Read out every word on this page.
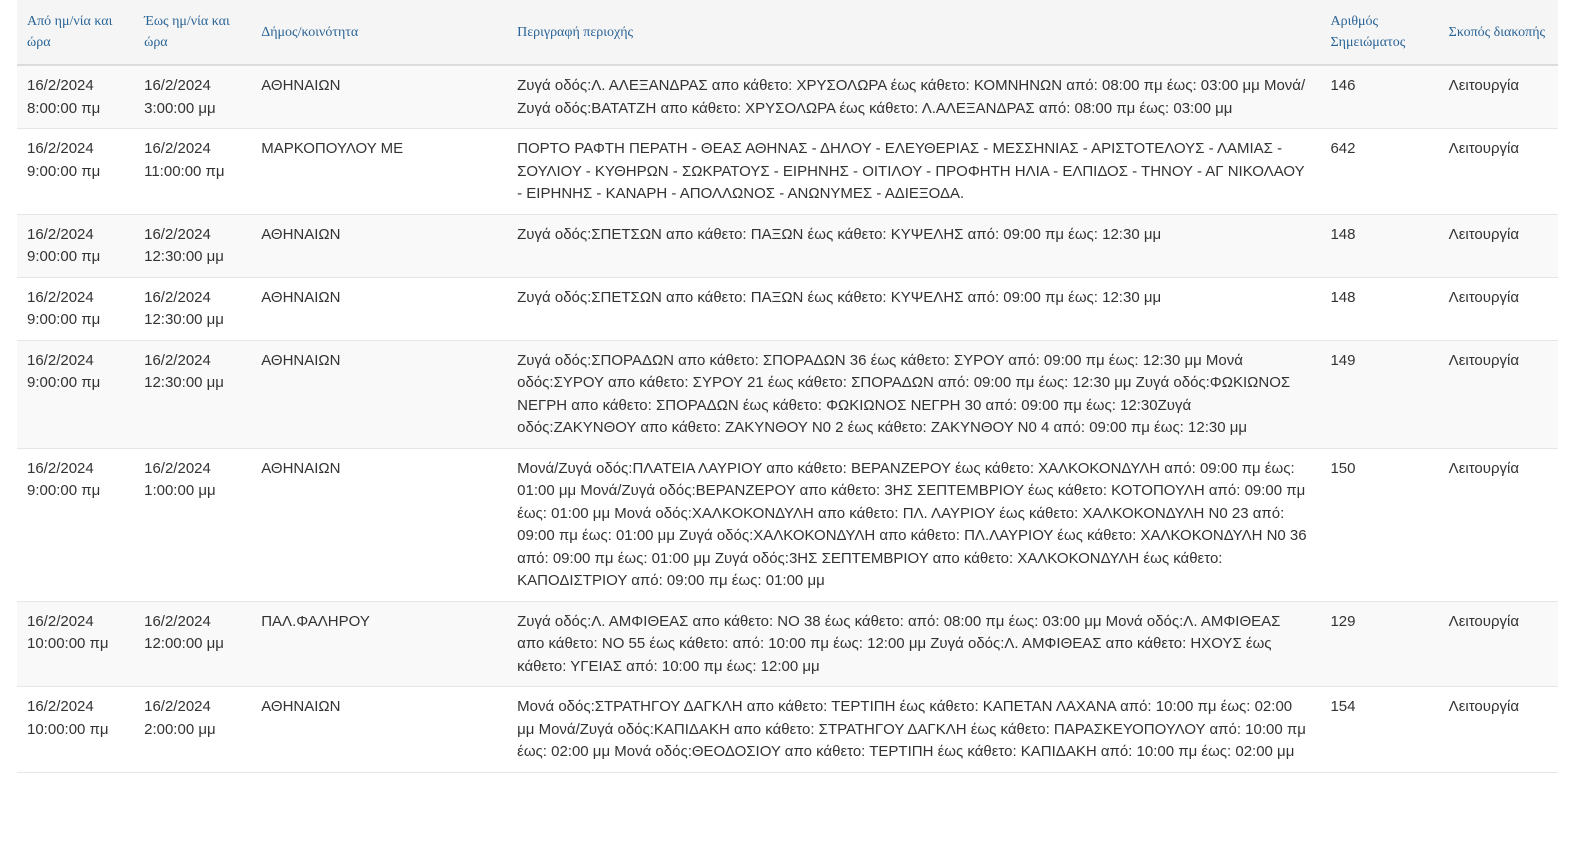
Από ημ/νία και ώρα	Έως ημ/νία και ώρα	Δήμος/κοινότητα	Περιγραφή περιοχής	Αριθμός Σημειώματος	Σκοπός διακοπής
16/2/2024 8:00:00 πμ	16/2/2024 3:00:00 μμ	ΑΘΗΝΑΙΩΝ	Ζυγά οδός:Λ. ΑΛΕΞΑΝΔΡΑΣ απο κάθετο: ΧΡΥΣΟΛΩΡΑ έως κάθετο: ΚΟΜΝΗΝΩΝ από: 08:00 πμ έως: 03:00 μμ Μονά/Ζυγά οδός:ΒΑΤΑΤΖΗ απο κάθετο: ΧΡΥΣΟΛΩΡΑ έως κάθετο: Λ.ΑΛΕΞΑΝΔΡΑΣ από: 08:00 πμ έως: 03:00 μμ	146	Λειτουργία
16/2/2024 9:00:00 πμ	16/2/2024 11:00:00 πμ	ΜΑΡΚΟΠΟΥΛΟΥ ΜΕ	ΠΟΡΤΟ ΡΑΦΤΗ ΠΕΡΑΤΗ - ΘΕΑΣ ΑΘΗΝΑΣ - ΔΗΛΟΥ - ΕΛΕΥΘΕΡΙΑΣ - ΜΕΣΣΗΝΙΑΣ - ΑΡΙΣΤΟΤΕΛΟΥΣ - ΛΑΜΙΑΣ - ΣΟΥΛΙΟΥ - ΚΥΘΗΡΩΝ - ΣΩΚΡΑΤΟΥΣ - ΕΙΡΗΝΗΣ - ΟΙΤΙΛΟΥ - ΠΡΟΦΗΤΗ ΗΛΙΑ - ΕΛΠΙΔΟΣ - ΤΗΝΟΥ - ΑΓ ΝΙΚΟΛΑΟΥ - ΕΙΡΗΝΗΣ - ΚΑΝΑΡΗ - ΑΠΟΛΛΩΝΟΣ - ΑΝΩΝΥΜΕΣ - ΑΔΙΕΞΟΔΑ.	642	Λειτουργία
16/2/2024 9:00:00 πμ	16/2/2024 12:30:00 μμ	ΑΘΗΝΑΙΩΝ	Ζυγά οδός:ΣΠΕΤΣΩΝ απο κάθετο: ΠΑΞΩΝ έως κάθετο: ΚΥΨΕΛΗΣ από: 09:00 πμ έως: 12:30 μμ	148	Λειτουργία
16/2/2024 9:00:00 πμ	16/2/2024 12:30:00 μμ	ΑΘΗΝΑΙΩΝ	Ζυγά οδός:ΣΠΕΤΣΩΝ απο κάθετο: ΠΑΞΩΝ έως κάθετο: ΚΥΨΕΛΗΣ από: 09:00 πμ έως: 12:30 μμ	148	Λειτουργία
16/2/2024 9:00:00 πμ	16/2/2024 12:30:00 μμ	ΑΘΗΝΑΙΩΝ	Ζυγά οδός:ΣΠΟΡΑΔΩΝ απο κάθετο: ΣΠΟΡΑΔΩΝ 36 έως κάθετο: ΣΥΡΟΥ από: 09:00 πμ έως: 12:30 μμ Μονά οδός:ΣΥΡΟΥ απο κάθετο: ΣΥΡΟΥ 21 έως κάθετο: ΣΠΟΡΑΔΩΝ από: 09:00 πμ έως: 12:30 μμ Ζυγά οδός:ΦΩΚΙΩΝΟΣ ΝΕΓΡΗ απο κάθετο: ΣΠΟΡΑΔΩΝ έως κάθετο: ΦΩΚΙΩΝΟΣ ΝΕΓΡΗ 30 από: 09:00 πμ έως: 12:30Ζυγά οδός:ΖΑΚΥΝΘΟΥ απο κάθετο: ΖΑΚΥΝΘΟΥ Ν0 2 έως κάθετο: ΖΑΚΥΝΘΟΥ Ν0 4 από: 09:00 πμ έως: 12:30 μμ	149	Λειτουργία
16/2/2024 9:00:00 πμ	16/2/2024 1:00:00 μμ	ΑΘΗΝΑΙΩΝ	Μονά/Ζυγά οδός:ΠΛΑΤΕΙΑ ΛΑΥΡΙΟΥ απο κάθετο: ΒΕΡΑΝΖΕΡΟΥ έως κάθετο: ΧΑΛΚΟΚΟΝΔΥΛΗ από: 09:00 πμ έως: 01:00 μμ Μονά/Ζυγά οδός:ΒΕΡΑΝΖΕΡΟΥ απο κάθετο: 3ΗΣ ΣΕΠΤΕΜΒΡΙΟΥ έως κάθετο: ΚΟΤΟΠΟΥΛΗ από: 09:00 πμ έως: 01:00 μμ Μονά οδός:ΧΑΛΚΟΚΟΝΔΥΛΗ απο κάθετο: ΠΛ. ΛΑΥΡΙΟΥ έως κάθετο: ΧΑΛΚΟΚΟΝΔΥΛΗ Ν0 23 από: 09:00 πμ έως: 01:00 μμ Ζυγά οδός:ΧΑΛΚΟΚΟΝΔΥΛΗ απο κάθετο: ΠΛ.ΛΑΥΡΙΟΥ έως κάθετο: ΧΑΛΚΟΚΟΝΔΥΛΗ Ν0 36 από: 09:00 πμ έως: 01:00 μμ Ζυγά οδός:3ΗΣ ΣΕΠΤΕΜΒΡΙΟΥ απο κάθετο: ΧΑΛΚΟΚΟΝΔΥΛΗ έως κάθετο: ΚΑΠΟΔΙΣΤΡΙΟΥ από: 09:00 πμ έως: 01:00 μμ	150	Λειτουργία
16/2/2024 10:00:00 πμ	16/2/2024 12:00:00 μμ	ΠΑΛ.ΦΑΛΗΡΟΥ	Ζυγά οδός:Λ. ΑΜΦΙΘΕΑΣ απο κάθετο: ΝΟ 38 έως κάθετο: από: 08:00 πμ έως: 03:00 μμ Μονά οδός:Λ. ΑΜΦΙΘΕΑΣ απο κάθετο: ΝΟ 55 έως κάθετο: από: 10:00 πμ έως: 12:00 μμ Ζυγά οδός:Λ. ΑΜΦΙΘΕΑΣ απο κάθετο: ΗΧΟΥΣ έως κάθετο: ΥΓΕΙΑΣ από: 10:00 πμ έως: 12:00 μμ	129	Λειτουργία
16/2/2024 10:00:00 πμ	16/2/2024 2:00:00 μμ	ΑΘΗΝΑΙΩΝ	Μονά οδός:ΣΤΡΑΤΗΓΟΥ ΔΑΓΚΛΗ απο κάθετο: ΤΕΡΤΙΠΗ έως κάθετο: ΚΑΠΕΤΑΝ ΛΑΧΑΝΑ από: 10:00 πμ έως: 02:00 μμ Μονά/Ζυγά οδός:ΚΑΠΙΔΑΚΗ απο κάθετο: ΣΤΡΑΤΗΓΟΥ ΔΑΓΚΛΗ έως κάθετο: ΠΑΡΑΣΚΕΥΟΠΟΥΛΟΥ από: 10:00 πμ έως: 02:00 μμ Μονά οδός:ΘΕΟΔΟΣΙΟΥ απο κάθετο: ΤΕΡΤΙΠΗ έως κάθετο: ΚΑΠΙΔΑΚΗ από: 10:00 πμ έως: 02:00 μμ	154	Λειτουργία
